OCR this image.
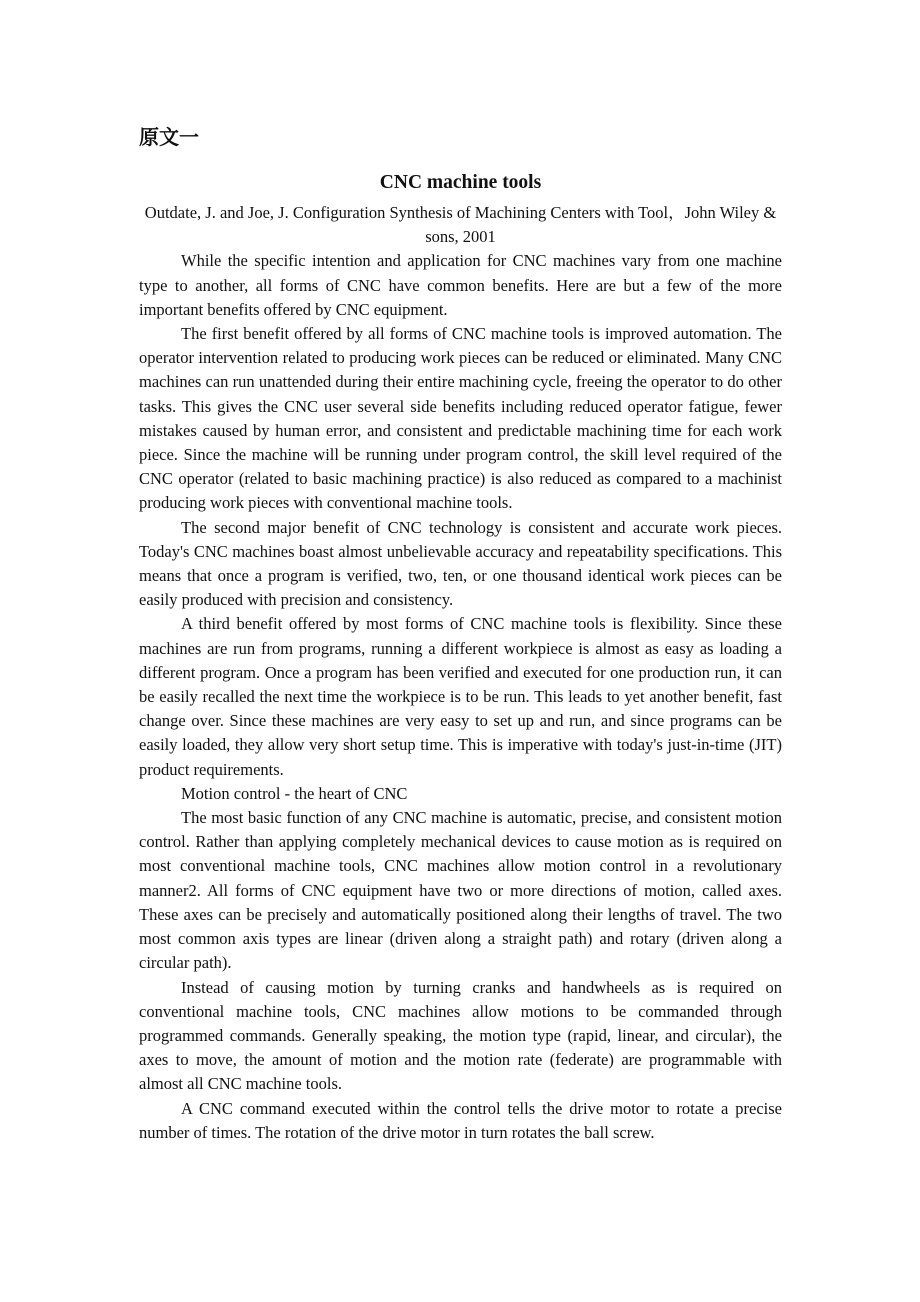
原文一
CNC machine tools

Outdate, J. and Joe, J. Configuration Synthesis of Machining Centers with Tool，John Wiley & sons, 2001

While the specific intention and application for CNC machines vary from one machine type to another, all forms of CNC have common benefits. Here are but a few of the more important benefits offered by CNC equipment.

The first benefit offered by all forms of CNC machine tools is improved automation. The operator intervention related to producing work pieces can be reduced or eliminated. Many CNC machines can run unattended during their entire machining cycle, freeing the operator to do other tasks. This gives the CNC user several side benefits including reduced operator fatigue, fewer mistakes caused by human error, and consistent and predictable machining time for each work piece. Since the machine will be running under program control, the skill level required of the CNC operator (related to basic machining practice) is also reduced as compared to a machinist producing work pieces with conventional machine tools.

The second major benefit of CNC technology is consistent and accurate work pieces. Today's CNC machines boast almost unbelievable accuracy and repeatability specifications. This means that once a program is verified, two, ten, or one thousand identical work pieces can be easily produced with precision and consistency.

A third benefit offered by most forms of CNC machine tools is flexibility. Since these machines are run from programs, running a different workpiece is almost as easy as loading a different program. Once a program has been verified and executed for one production run, it can be easily recalled the next time the workpiece is to be run. This leads to yet another benefit, fast change over. Since these machines are very easy to set up and run, and since programs can be easily loaded, they allow very short setup time. This is imperative with today's just-in-time (JIT) product requirements.

Motion control - the heart of CNC

The most basic function of any CNC machine is automatic, precise, and consistent motion control. Rather than applying completely mechanical devices to cause motion as is required on most conventional machine tools, CNC machines allow motion control in a revolutionary manner2. All forms of CNC equipment have two or more directions of motion, called axes. These axes can be precisely and automatically positioned along their lengths of travel. The two most common axis types are linear (driven along a straight path) and rotary (driven along a circular path).

Instead of causing motion by turning cranks and handwheels as is required on conventional machine tools, CNC machines allow motions to be commanded through programmed commands. Generally speaking, the motion type (rapid, linear, and circular), the axes to move, the amount of motion and the motion rate (federate) are programmable with almost all CNC machine tools.

A CNC command executed within the control tells the drive motor to rotate a precise number of times. The rotation of the drive motor in turn rotates the ball screw.
